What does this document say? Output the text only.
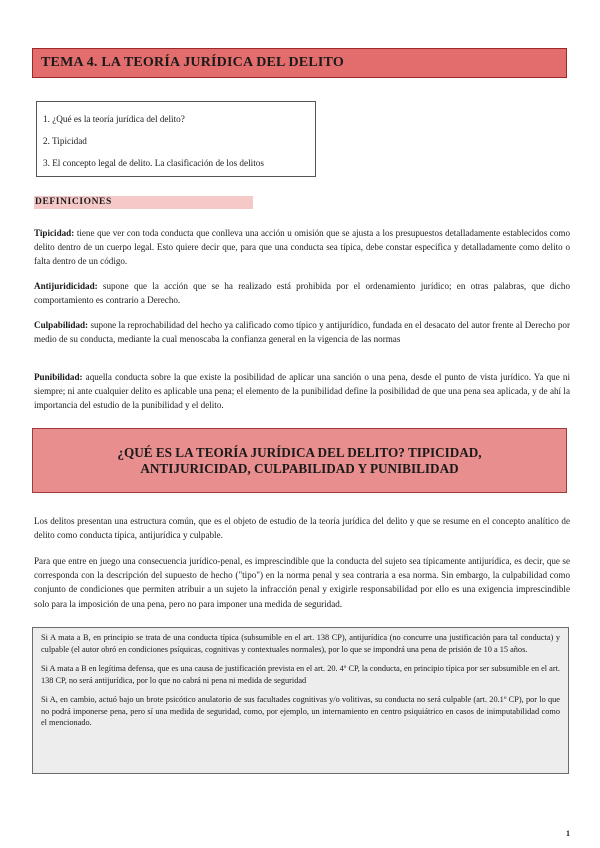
TEMA 4. LA TEORÍA JURÍDICA DEL DELITO
1. ¿Qué es la teoría jurídica del delito?
2. Tipicidad
3. El concepto legal de delito. La clasificación de los delitos
DEFINICIONES

Tipicidad: tiene que ver con toda conducta que conlleva una acción u omisión que se ajusta a los presupuestos detalladamente establecidos como delito dentro de un cuerpo legal. Esto quiere decir que, para que una conducta sea típica, debe constar específica y detalladamente como delito o falta dentro de un código.

Antijuridicidad: supone que la acción que se ha realizado está prohibida por el ordenamiento jurídico; en otras palabras, que dicho comportamiento es contrario a Derecho.

Culpabilidad: supone la reprochabilidad del hecho ya calificado como típico y antijurídico, fundada en el desacato del autor frente al Derecho por medio de su conducta, mediante la cual menoscaba la confianza general en la vigencia de las normas

Punibilidad: aquella conducta sobre la que existe la posibilidad de aplicar una sanción o una pena, desde el punto de vista jurídico. Ya que ni siempre; ni ante cualquier delito es aplicable una pena; el elemento de la punibilidad define la posibilidad de que una pena sea aplicada, y de ahí la importancia del estudio de la punibilidad y el delito.

¿QUÉ ES LA TEORÍA JURÍDICA DEL DELITO? TIPICIDAD, ANTIJURICIDAD, CULPABILIDAD Y PUNIBILIDAD

Los delitos presentan una estructura común, que es el objeto de estudio de la teoría jurídica del delito y que se resume en el concepto analítico de delito como conducta típica, antijurídica y culpable.

Para que entre en juego una consecuencia jurídico-penal, es imprescindible que la conducta del sujeto sea típicamente antijurídica, es decir, que se corresponda con la descripción del supuesto de hecho ("tipo") en la norma penal y sea contraria a esa norma. Sin embargo, la culpabilidad como conjunto de condiciones que permiten atribuir a un sujeto la infracción penal y exigirle responsabilidad por ello es una exigencia imprescindible solo para la imposición de una pena, pero no para imponer una medida de seguridad.

Si A mata a B, en principio se trata de una conducta típica (subsumible en el art. 138 CP), antijurídica (no concurre una justificación para tal conducta) y culpable (el autor obró en condiciones psíquicas, cognitivas y contextuales normales), por lo que se impondrá una pena de prisión de 10 a 15 años.

Si A mata a B en legítima defensa, que es una causa de justificación prevista en el art. 20. 4º CP, la conducta, en principio típica por ser subsumible en el art. 138 CP, no será antijurídica, por lo que no cabrá ni pena ni medida de seguridad

Si A, en cambio, actuó bajo un brote psicótico anulatorio de sus facultades cognitivas y/o volitivas, su conducta no será culpable (art. 20.1º CP), por lo que no podrá imponerse pena, pero sí una medida de seguridad, como, por ejemplo, un internamiento en centro psiquiátrico en casos de inimputabilidad como el mencionado.

1
